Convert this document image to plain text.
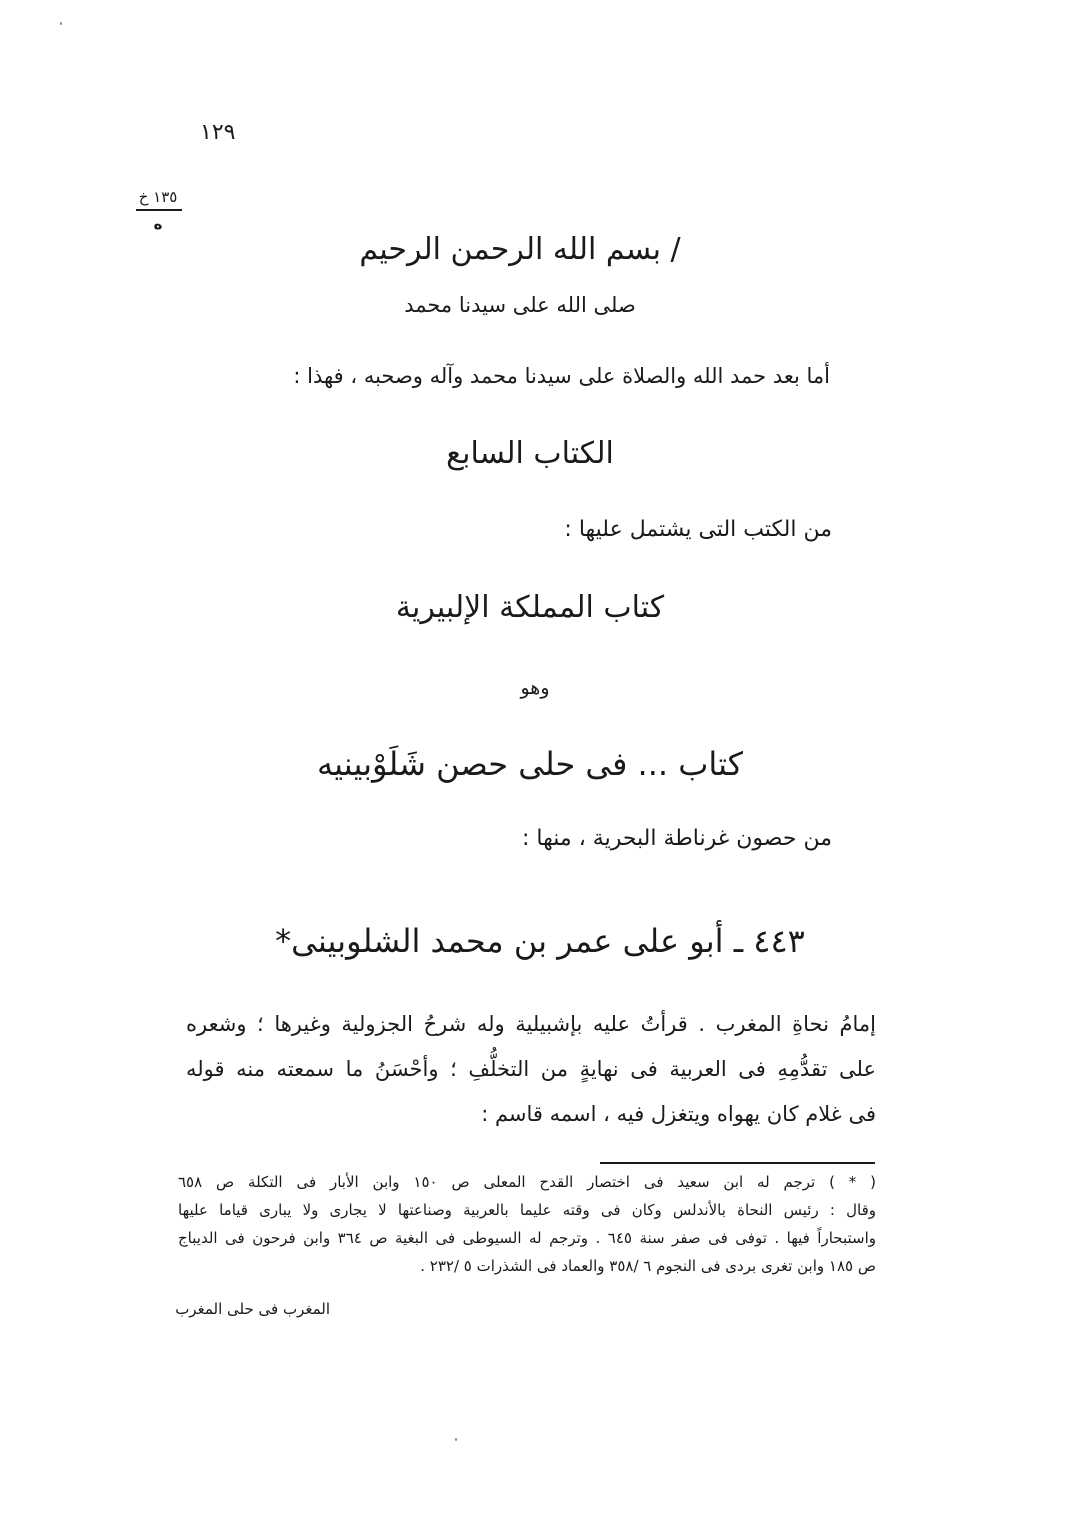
١٢٩
١٣٥ خ
ه
/ بسم الله الرحمن الرحيم
صلى الله على سيدنا محمد
أما بعد حمد الله والصلاة على سيدنا محمد وآله وصحبه ، فهذا :
الكتاب السابع
من الكتب التى يشتمل عليها :
كتاب المملكة الإلبيرية
وهو
كتاب ... فى حلى حصن شَلَوْبينيه
من حصون غرناطة البحرية ، منها :
٤٤٣ ـ أبو على عمر بن محمد الشلوبينى*
إمامُ نحاةِ المغرب . قرأتُ عليه بإشبيلية وله شرحُ الجزولية وغيرها ؛ وشعره
على تقدُّمِهِ فى العربية فى نهايةٍ من التخلُّفِ ؛ وأحْسَنُ ما سمعته منه قوله
فى غلام كان يهواه ويتغزل فيه ، اسمه قاسم :
( * ) ترجم له ابن سعيد فى اختصار القدح المعلى ص ١٥٠ وابن الأبار فى التكلة ص ٦٥٨
وقال : رئيس النحاة بالأندلس وكان فى وقته عليما بالعربية وصناعتها لا يجارى ولا يبارى قياما عليها
واستبحاراً فيها . توفى فى صفر سنة ٦٤٥ . وترجم له السيوطى فى البغية ص ٣٦٤ وابن فرحون فى الديباج
ص ١٨٥ وابن تغرى بردى فى النجوم ٦ /٣٥٨ والعماد فى الشذرات ٥ /٢٣٢ .
المغرب فى حلى المغرب
